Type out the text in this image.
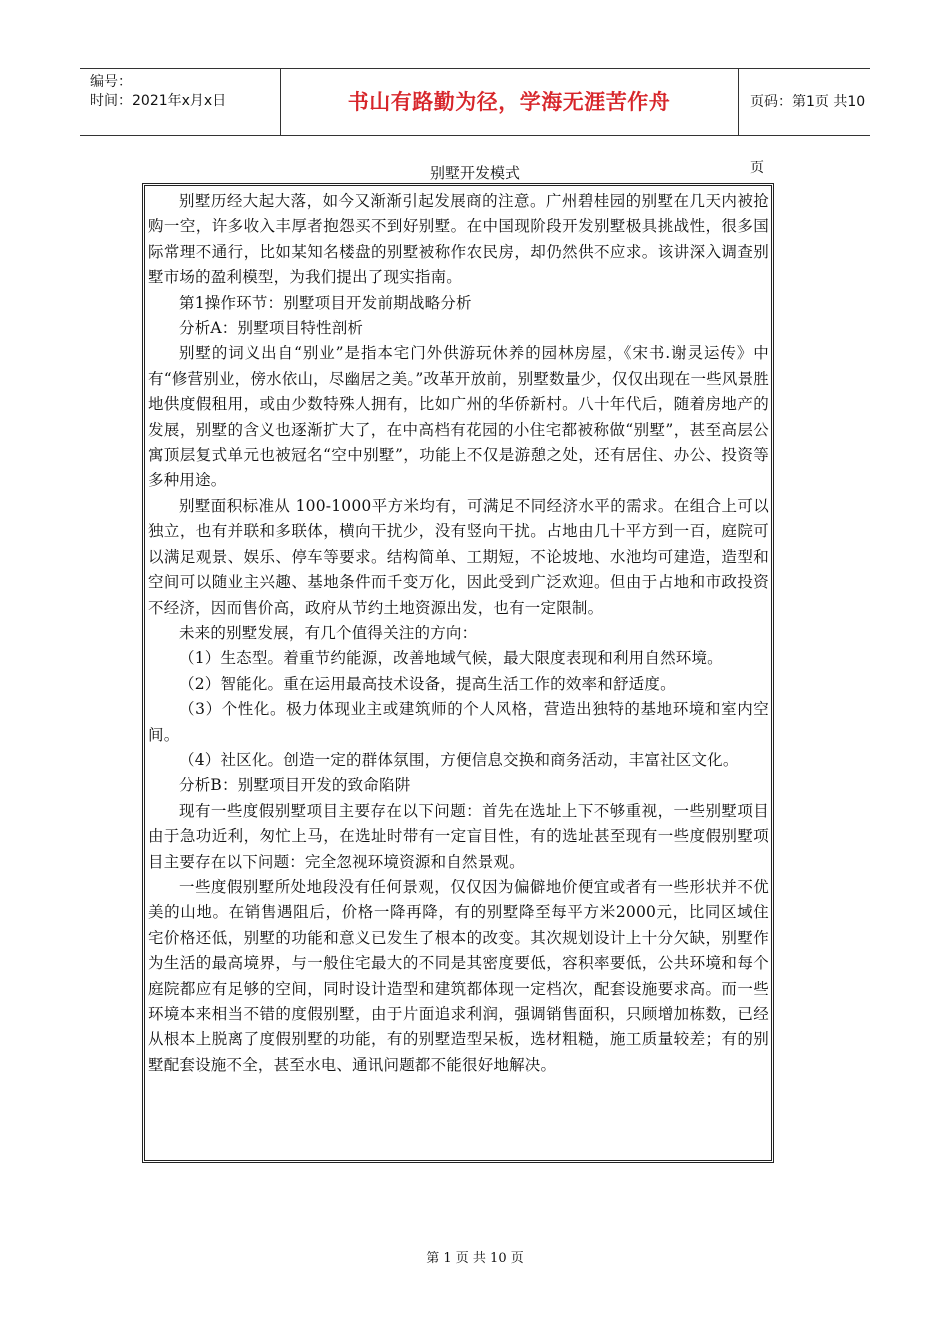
编号：
时间：2021年x月x日	书山有路勤为径，学海无涯苦作舟	页码：第1页 共10页
别墅开发模式

别墅历经大起大落，如今又渐渐引起发展商的注意。广州碧桂园的别墅在几天内被抢购一空，许多收入丰厚者抱怨买不到好别墅。在中国现阶段开发别墅极具挑战性，很多国际常理不通行，比如某知名楼盘的别墅被称作农民房，却仍然供不应求。该讲深入调查别墅市场的盈利模型，为我们提出了现实指南。

第1操作环节：别墅项目开发前期战略分析

分析A：别墅项目特性剖析

别墅的词义出自“别业”是指本宅门外供游玩休养的园林房屋，《宋书.谢灵运传》中有“修营别业，傍水依山，尽幽居之美。”改革开放前，别墅数量少，仅仅出现在一些风景胜地供度假租用，或由少数特殊人拥有，比如广州的华侨新村。八十年代后，随着房地产的发展，别墅的含义也逐渐扩大了，在中高档有花园的小住宅都被称做“别墅”，甚至高层公寓顶层复式单元也被冠名“空中别墅”，功能上不仅是游憩之处，还有居住、办公、投资等多种用途。

别墅面积标准从 100-1000平方米均有，可满足不同经济水平的需求。在组合上可以独立，也有并联和多联体，横向干扰少，没有竖向干扰。占地由几十平方到一百，庭院可以满足观景、娱乐、停车等要求。结构简单、工期短，不论坡地、水池均可建造，造型和空间可以随业主兴趣、基地条件而千变万化，因此受到广泛欢迎。但由于占地和市政投资不经济，因而售价高，政府从节约土地资源出发，也有一定限制。

未来的别墅发展，有几个值得关注的方向：

（1）生态型。着重节约能源，改善地域气候，最大限度表现和利用自然环境。

（2）智能化。重在运用最高技术设备，提高生活工作的效率和舒适度。

（3）个性化。极力体现业主或建筑师的个人风格，营造出独特的基地环境和室内空间。

（4）社区化。创造一定的群体氛围，方便信息交换和商务活动，丰富社区文化。

分析B：别墅项目开发的致命陷阱

现有一些度假别墅项目主要存在以下问题：首先在选址上下不够重视，一些别墅项目由于急功近利，匆忙上马，在选址时带有一定盲目性，有的选址甚至现有一些度假别墅项目主要存在以下问题：完全忽视环境资源和自然景观。

一些度假别墅所处地段没有任何景观，仅仅因为偏僻地价便宜或者有一些形状并不优美的山地。在销售遇阻后，价格一降再降，有的别墅降至每平方米2000元，比同区域住宅价格还低，别墅的功能和意义已发生了根本的改变。其次规划设计上十分欠缺，别墅作为生活的最高境界，与一般住宅最大的不同是其密度要低，容积率要低，公共环境和每个庭院都应有足够的空间，同时设计造型和建筑都体现一定档次，配套设施要求高。而一些环境本来相当不错的度假别墅，由于片面追求利润，强调销售面积，只顾增加栋数，已经从根本上脱离了度假别墅的功能，有的别墅造型呆板，选材粗糙，施工质量较差；有的别墅配套设施不全，甚至水电、通讯问题都不能很好地解决。

第 1 页 共 10 页
